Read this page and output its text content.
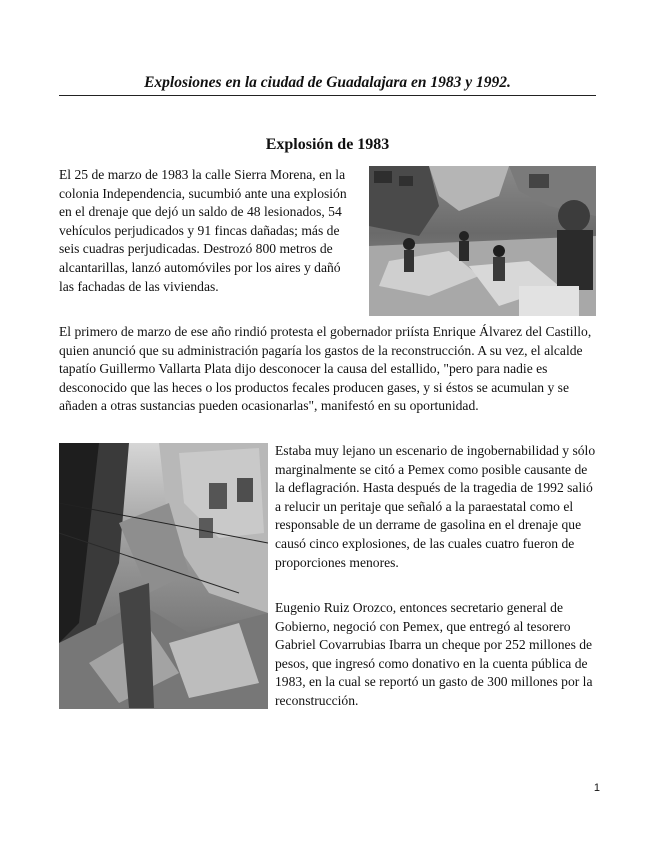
Explosiones en la ciudad de Guadalajara en 1983 y 1992.
Explosión de 1983

El 25 de marzo de 1983 la calle Sierra Morena, en la colonia Independencia, sucumbió ante una explosión en el drenaje que dejó un saldo de 48 lesionados, 54 vehículos perjudicados y 91 fincas dañadas; más de seis cuadras perjudicadas. Destrozó 800 metros de alcantarillas, lanzó automóviles por los aires y dañó las fachadas de las viviendas.

El primero de marzo de ese año rindió protesta el gobernador priísta Enrique Álvarez del Castillo, quien anunció que su administración pagaría los gastos de la reconstrucción. A su vez, el alcalde tapatío Guillermo Vallarta Plata dijo desconocer la causa del estallido, "pero para nadie es desconocido que las heces o los productos fecales producen gases, y si éstos se acumulan y se añaden a otras sustancias pueden ocasionarlas", manifestó en su oportunidad.

Estaba muy lejano un escenario de ingobernabilidad y sólo marginalmente se citó a Pemex como posible causante de la deflagración. Hasta después de la tragedia de 1992 salió a relucir un peritaje que señaló a la paraestatal como el responsable de un derrame de gasolina en el drenaje que causó cinco explosiones, de las cuales cuatro fueron de proporciones menores.

Eugenio Ruiz Orozco, entonces secretario general de Gobierno, negoció con Pemex, que entregó al tesorero Gabriel Covarrubias Ibarra un cheque por 252 millones de pesos, que ingresó como donativo en la cuenta pública de 1983, en la cual se reportó un gasto de 300 millones por la reconstrucción.

1
